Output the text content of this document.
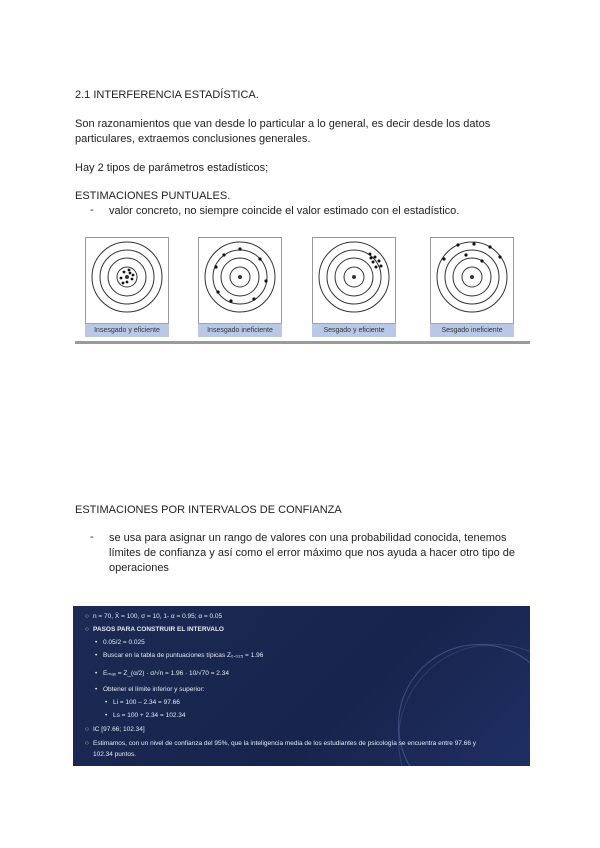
2.1 INTERFERENCIA ESTADÍSTICA.
Son razonamientos que van desde lo particular a lo general, es decir desde los datos
particulares, extraemos conclusiones generales.
Hay 2 tipos de parámetros estadísticos;
ESTIMACIONES PUNTUALES.
- valor concreto, no siempre coincide el valor estimado con el estadístico.
Insesgado y eficiente	Insesgado ineficiente	Sesgado y eficiente	Sesgado ineficiente
ESTIMACIONES POR INTERVALOS DE CONFIANZA
- se usa para asignar un rango de valores con una probabilidad conocida, tenemos
límites de confianza y así como el error máximo que nos ayuda a hacer otro tipo de
operaciones
○ n = 70, X̄ = 100, σ = 10, 1- α = 0.95; α = 0.05
○ PASOS PARA CONSTRUIR EL INTERVALO
• 0.05/2 = 0.025
• Buscar en la tabla de puntuaciones típicas Z₀.₀₂₅ = 1.96
• Eₘₐₓ = Z_(α/2) · σ/√n = 1.96 · 10/√70 = 2.34
• Obtener el límite inferior y superior:
• Li = 100 – 2.34 = 97.66
• Ls = 100 + 2.34 = 102.34
○ IC [97.66; 102.34]
○ Estimamos, con un nivel de confianza del 95%, que la inteligencia media de los estudiantes de psicología se encuentra entre 97.66 y
102.34 puntos.
